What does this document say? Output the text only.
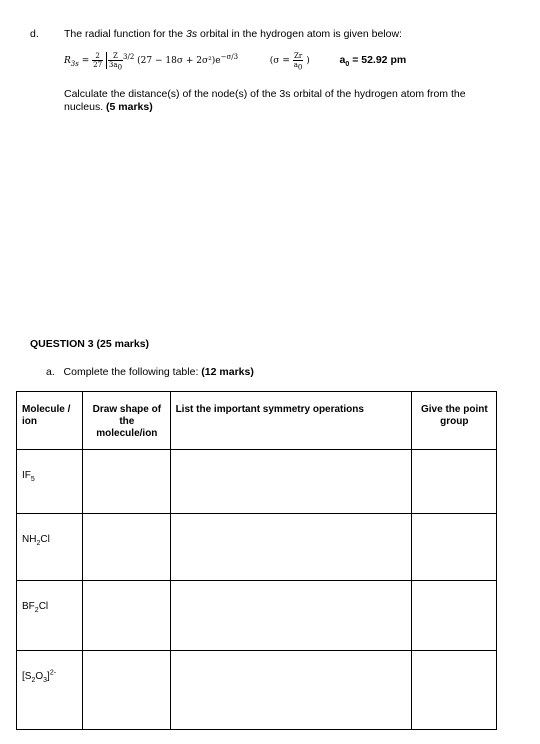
d. The radial function for the 3s orbital in the hydrogen atom is given below:
$R_{3s} = \frac{2}{27}$
$\frac{Z}{3a_0} ^{3/2}$ $(27 - 18\sigma + 2\sigma^2)e^{-\sigma/3}$	($\sigma = \frac{Zr}{a_0}$ )	$a_0 = 52.92$ pm
Calculate the distance(s) of the node(s) of the 3s orbital of the hydrogen atom from the nucleus. (5 marks)
QUESTION 3 (25 marks)
a. Complete the following table: (12 marks)
Molecule / ion	Draw shape of the molecule/ion	List the important symmetry operations	Give the point group
$IF_5$			
$NH_2Cl$			
$BF_2Cl$			
$[S_2O_3]^{2-}$			
